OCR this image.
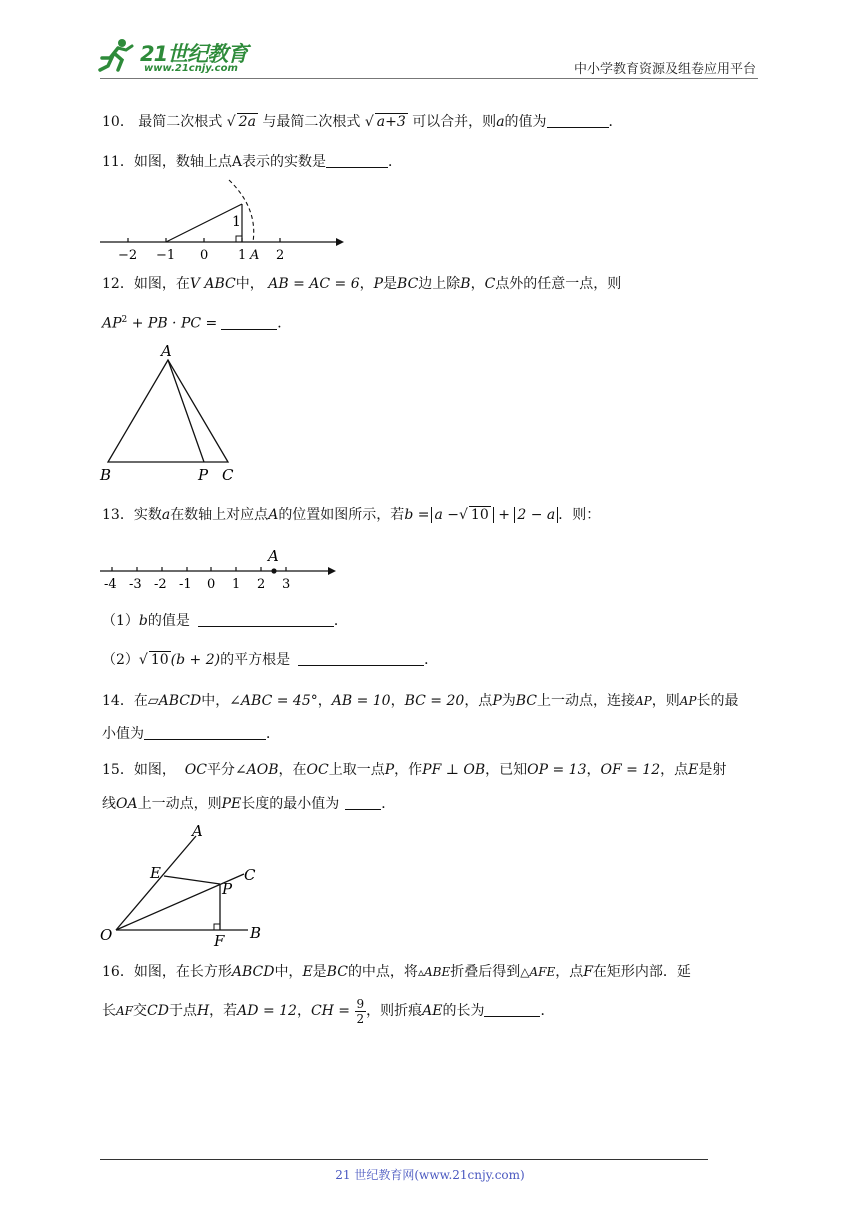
21世纪教育
www.21cnjy.com	中小学教育资源及组卷应用平台
10． 最简二次根式 √ 2a 与最简二次根式 √ a+3 可以合并，则a的值为	．
11．如图，数轴上点A表示的实数是	．
1
−2 −1 0 1 A 2
12．如图，在V ABC中， AB = AC = 6，P是BC边上除B，C点外的任意一点，则
$AP^2$ + PB · PC =	．
A
B	P C
13．实数a在数轴上对应点A的位置如图所示，若b = a −√ 10 + 2 − a ．则：
A
-4 -3 -2 -1 0 1 2 3
（1）b的值是	．
（2）√ 10 (b + 2)的平方根是	．
14．在▱ABCD中，∠ABC = 45°，AB = 10，BC = 20，点P为BC上一动点，连接AP，则AP长的最
小值为	．
15．如图， OC平分∠AOB，在OC上取一点P，作PF ⊥ OB，已知OP = 13，OF = 12，点E是射
线OA上一动点，则PE长度的最小值为	．
A
E	C
P
O	F B
16．如图，在长方形ABCD中，E是BC的中点，将▵ABE折叠后得到△AFE，点F在矩形内部．延
长AF交CD于点H，若AD = 12，CH = $\frac{9}{2}$ ，则折痕AE的长为	．
21 世纪教育网(www.21cnjy.com)
